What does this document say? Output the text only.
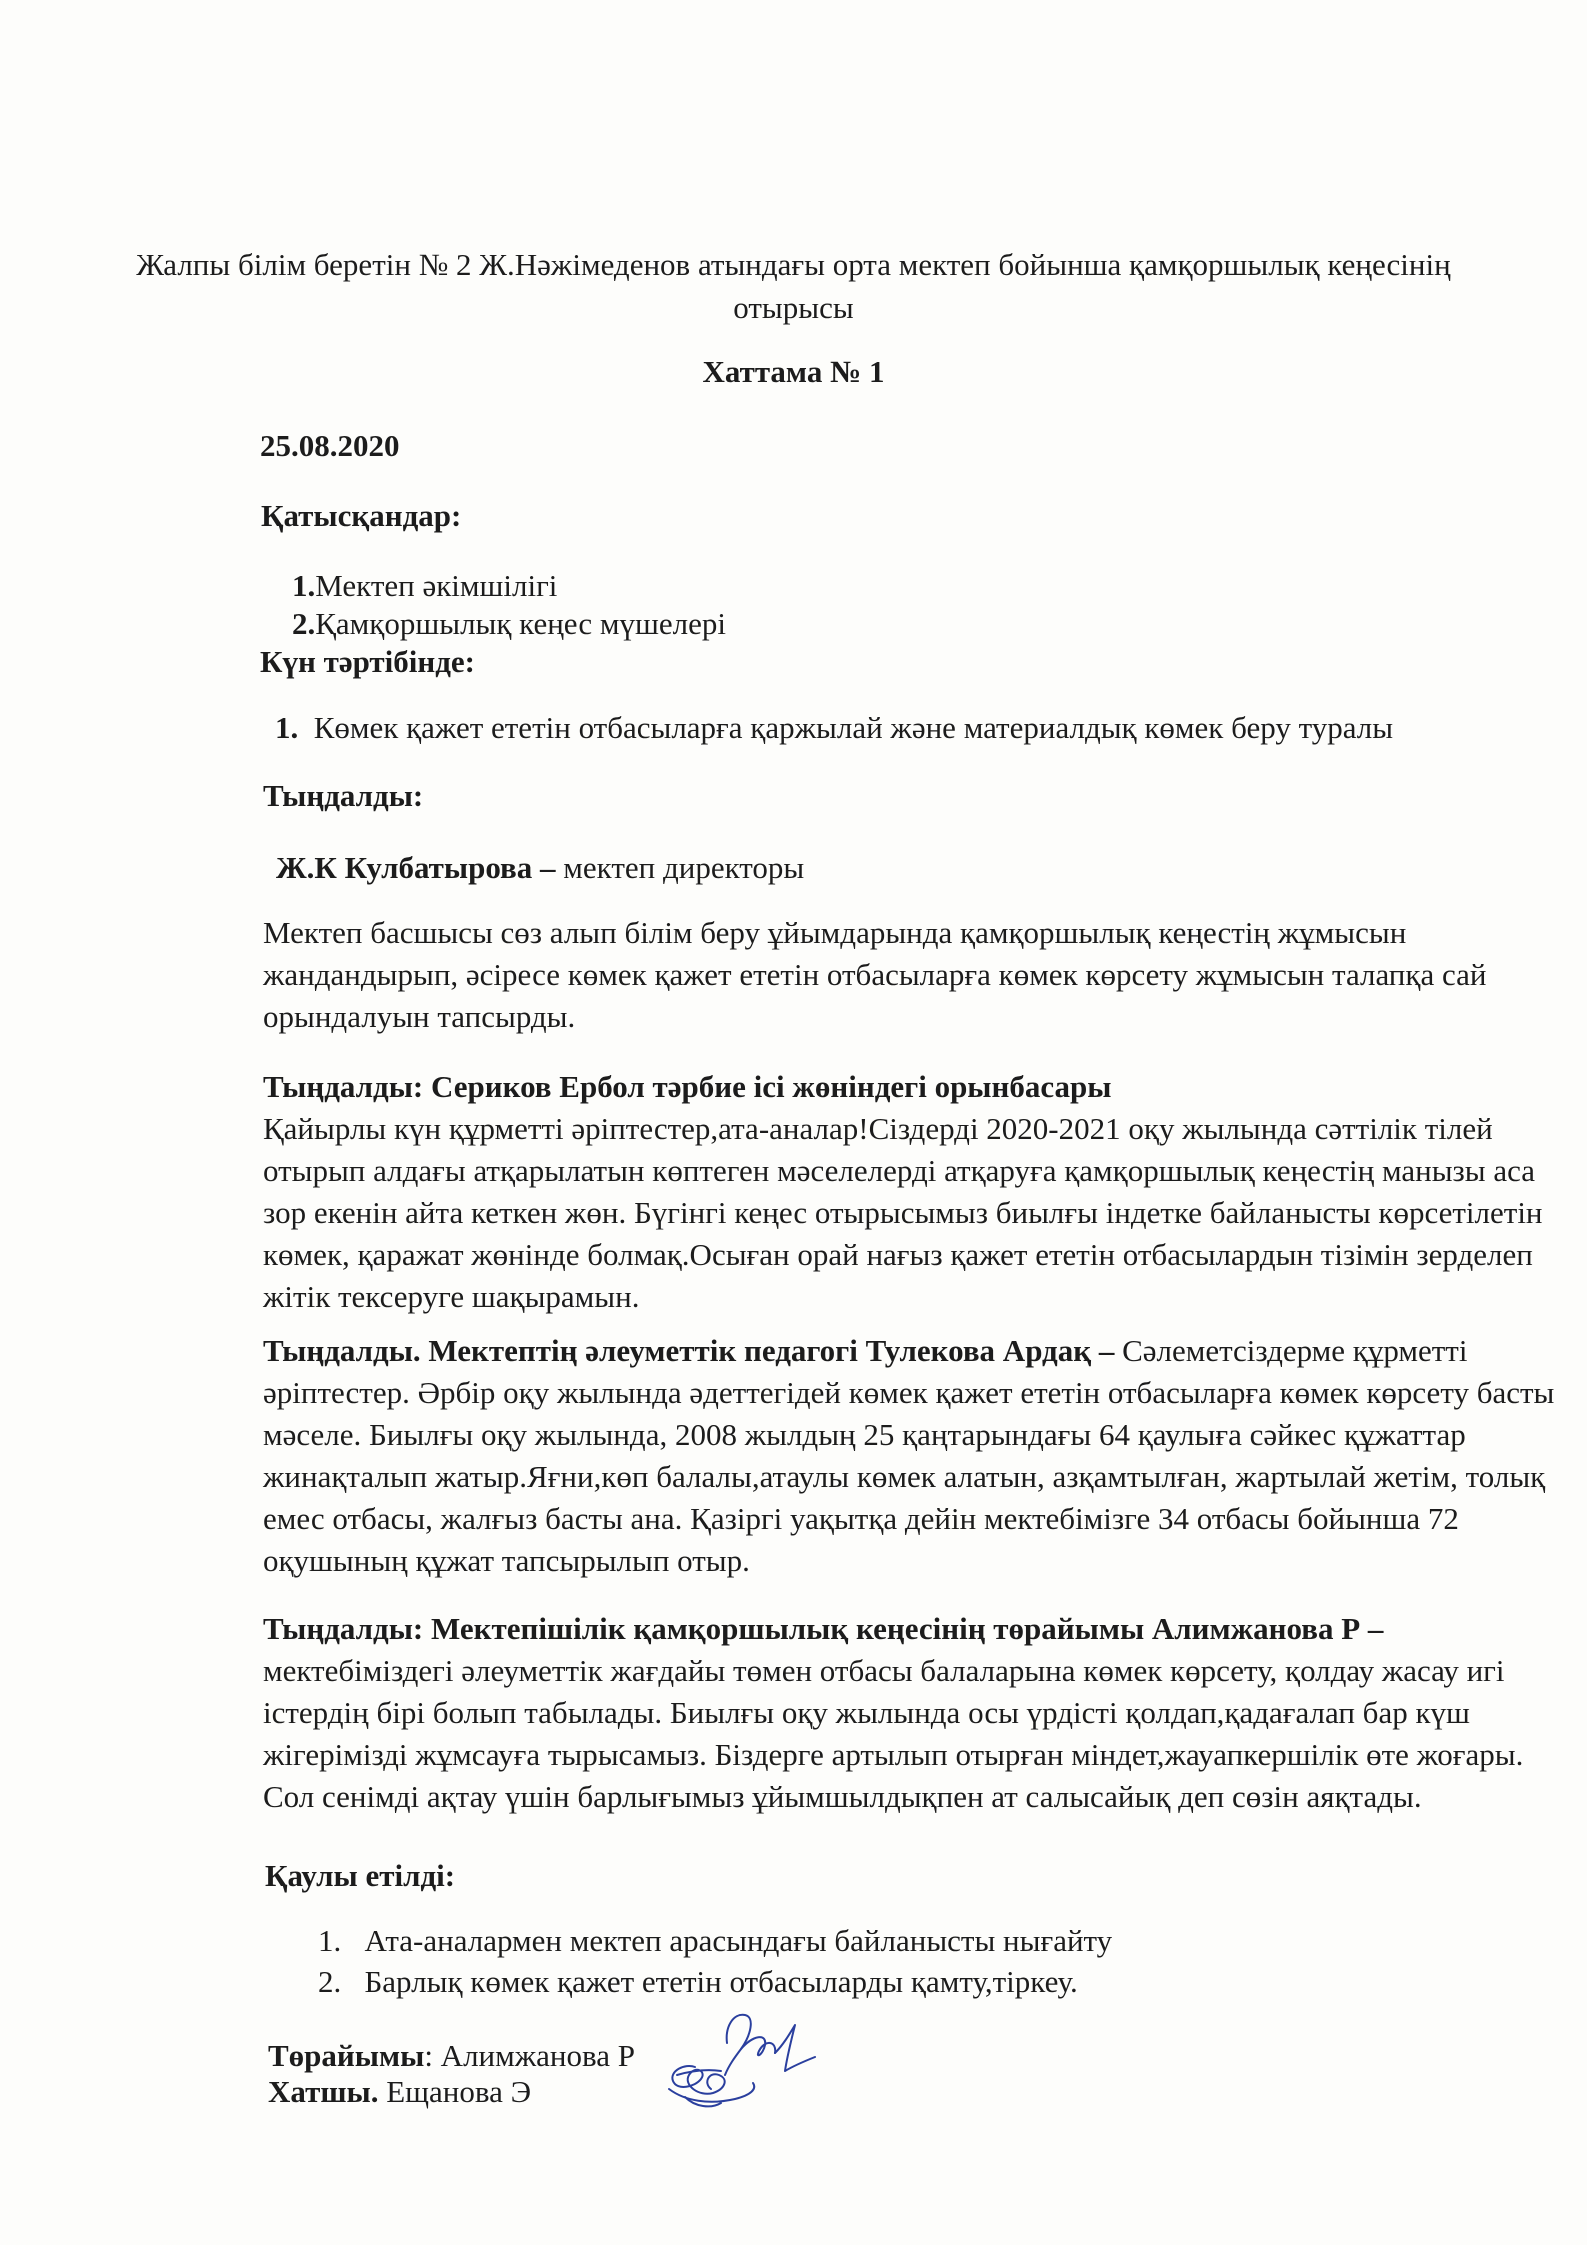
Жалпы білім беретін № 2 Ж.Нәжімеденов атындағы орта мектеп бойынша қамқоршылық кеңесінің
отырысы
Хаттама № 1
25.08.2020
Қатысқандар:
1.Мектеп әкімшілігі
2.Қамқоршылық кеңес мүшелері
Күн тәртібінде:
1. Көмек қажет ететін отбасыларға қаржылай және материалдық көмек беру туралы
Тыңдалды:
Ж.К Кулбатырова – мектеп директоры
Мектеп басшысы сөз алып білім беру ұйымдарында қамқоршылық кеңестің жұмысын
жандандырып, әсіресе көмек қажет ететін отбасыларға көмек көрсету жұмысын талапқа сай
орындалуын тапсырды.
Тыңдалды: Сериков Ербол тәрбие ісі жөніндегі орынбасары
Қайырлы күн құрметті әріптестер,ата-аналар!Сіздерді 2020-2021 оқу жылында сәттілік тілей
отырып алдағы атқарылатын көптеген мәселелерді атқаруға қамқоршылық кеңестің манызы аса
зор екенін айта кеткен жөн. Бүгінгі кеңес отырысымыз биылғы індетке байланысты көрсетілетін
көмек, қаражат жөнінде болмақ.Осыған орай нағыз қажет ететін отбасылардын тізімін зерделеп
жітік тексеруге шақырамын.
Тыңдалды. Мектептің әлеуметтік педагогі Тулекова Ардақ – Сәлеметсіздерме құрметті
әріптестер. Әрбір оқу жылында әдеттегідей көмек қажет ететін отбасыларға көмек көрсету басты
мәселе. Биылғы оқу жылында, 2008 жылдың 25 қаңтарындағы 64 қаулыға сәйкес құжаттар
жинақталып жатыр.Яғни,көп балалы,атаулы көмек алатын, азқамтылған, жартылай жетім, толық
емес отбасы, жалғыз басты ана. Қазіргі уақытқа дейін мектебімізге 34 отбасы бойынша 72
оқушының құжат тапсырылып отыр.
Тыңдалды: Мектепішілік қамқоршылық кеңесінің төрайымы Алимжанова Р –
мектебіміздегі әлеуметтік жағдайы төмен отбасы балаларына көмек көрсету, қолдау жасау игі
істердің бірі болып табылады. Биылғы оқу жылында осы үрдісті қолдап,қадағалап бар күш
жігерімізді жұмсауға тырысамыз. Біздерге артылып отырған міндет,жауапкершілік өте жоғары.
Сол сенімді ақтау үшін барлығымыз ұйымшылдықпен ат салысайық деп сөзін аяқтады.
Қаулы етілді:
1. Ата-аналармен мектеп арасындағы байланысты нығайту
2. Барлық көмек қажет ететін отбасыларды қамту,тіркеу.
Төрайымы: Алимжанова Р
Хатшы. Ещанова Э
